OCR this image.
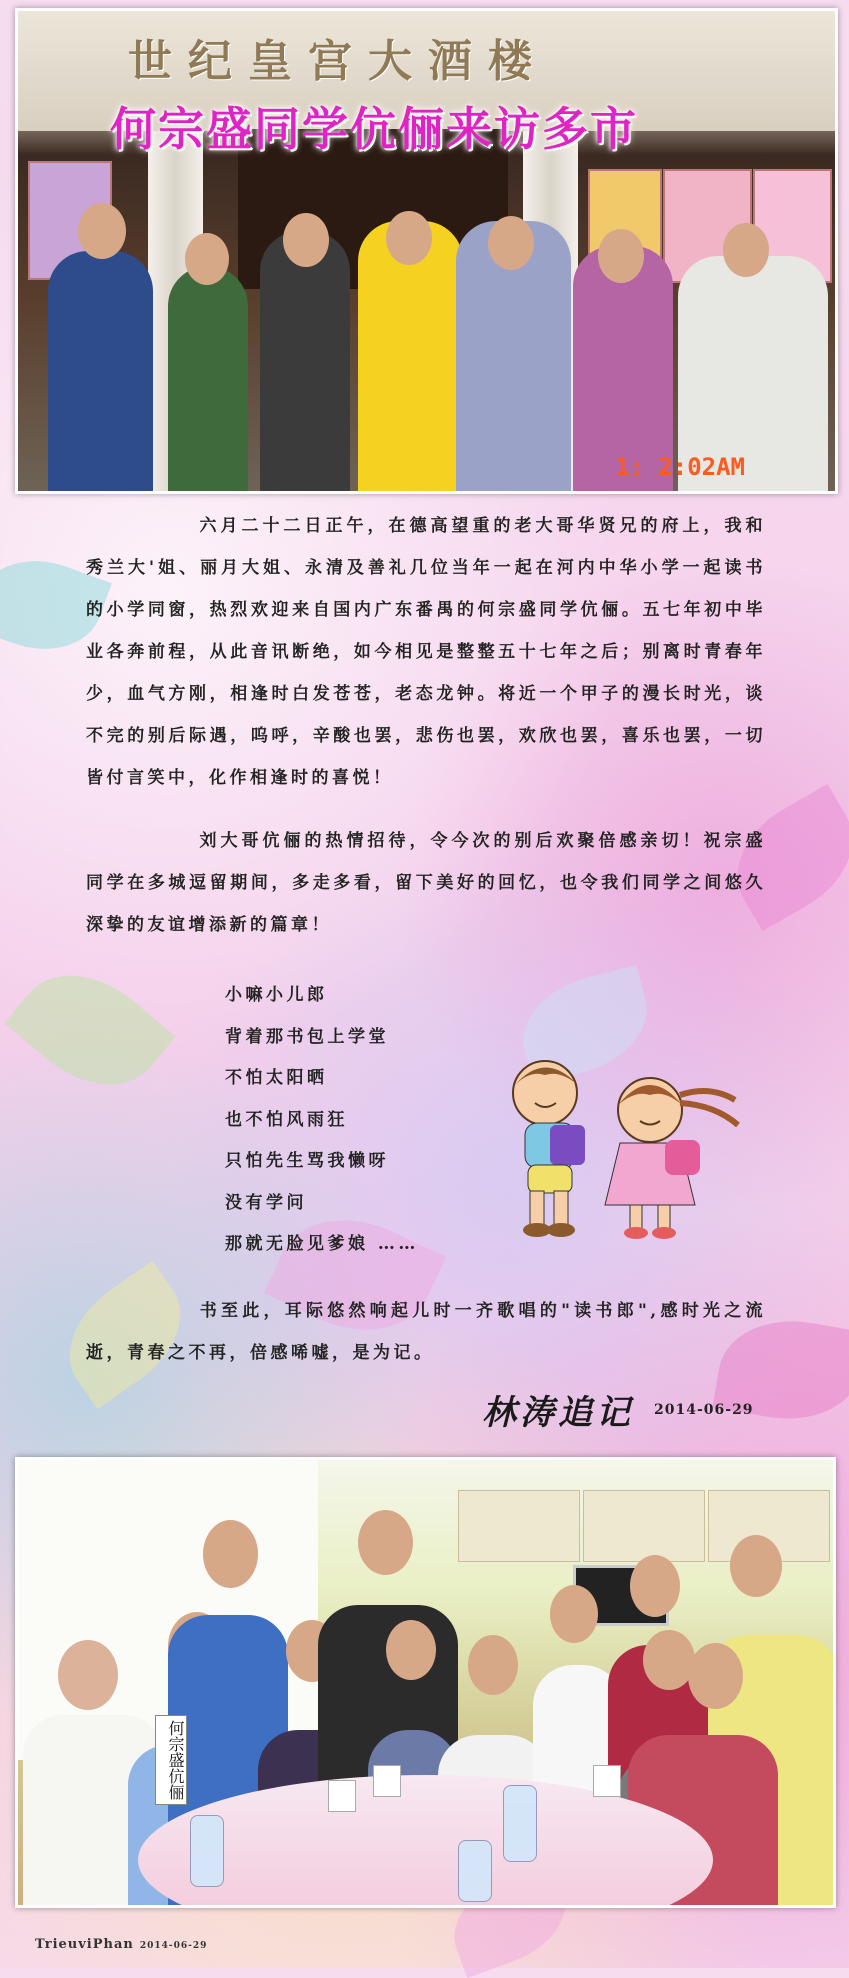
世纪皇宫大酒楼
何宗盛同学伉俪来访多市
1: 2:02AM

六月二十二日正午，在德高望重的老大哥华贤兄的府上，我和秀兰大'姐、丽月大姐、永清及善礼几位当年一起在河内中华小学一起读书的小学同窗，热烈欢迎来自国内广东番禺的何宗盛同学伉俪。五七年初中毕业各奔前程，从此音讯断绝，如今相见是整整五十七年之后；别离时青春年少，血气方刚，相逢时白发苍苍，老态龙钟。将近一个甲子的漫长时光，谈不完的别后际遇，呜呼，辛酸也罢，悲伤也罢，欢欣也罢，喜乐也罢，一切皆付言笑中，化作相逢时的喜悦！

刘大哥伉俪的热情招待，令今次的别后欢聚倍感亲切！祝宗盛同学在多城逗留期间，多走多看，留下美好的回忆，也令我们同学之间悠久深挚的友谊增添新的篇章！

小嘛小儿郎
背着那书包上学堂
不怕太阳晒
也不怕风雨狂
只怕先生骂我懒呀
没有学问
那就无脸见爹娘 ……

书至此，耳际悠然响起儿时一齐歌唱的"读书郎",感时光之流逝，青春之不再，倍感唏嘘，是为记。

林涛追记 2014-06-29
何宗盛伉俪
TrieuviPhan 2014-06-29
